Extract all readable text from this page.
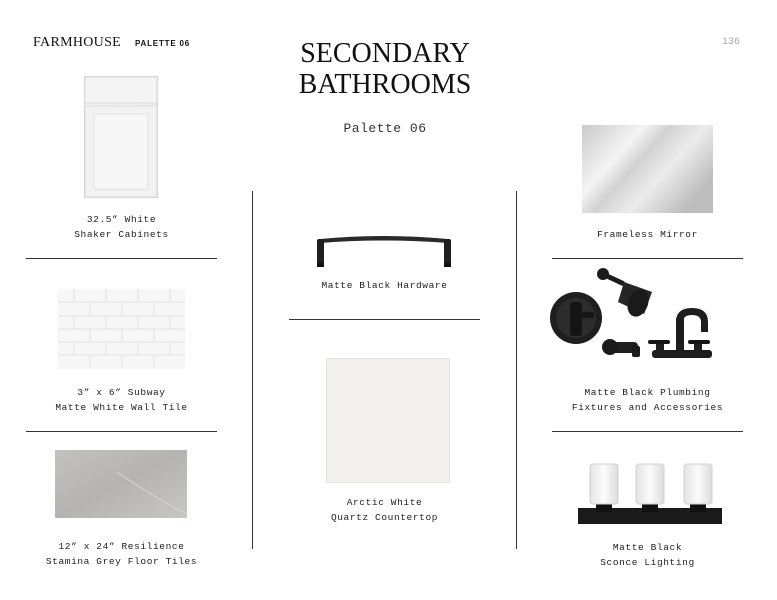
FARMHOUSE PALETTE 06	136
SECONDARY
BATHROOMS
Palette 06
32.5” White
Shaker Cabinets
3” x 6” Subway
Matte White Wall Tile
12” x 24” Resilience
Stamina Grey Floor Tiles
Matte Black Hardware
Arctic White
Quartz Countertop
Frameless Mirror
Matte Black Plumbing
Fixtures and Accessories
Matte Black
Sconce Lighting
